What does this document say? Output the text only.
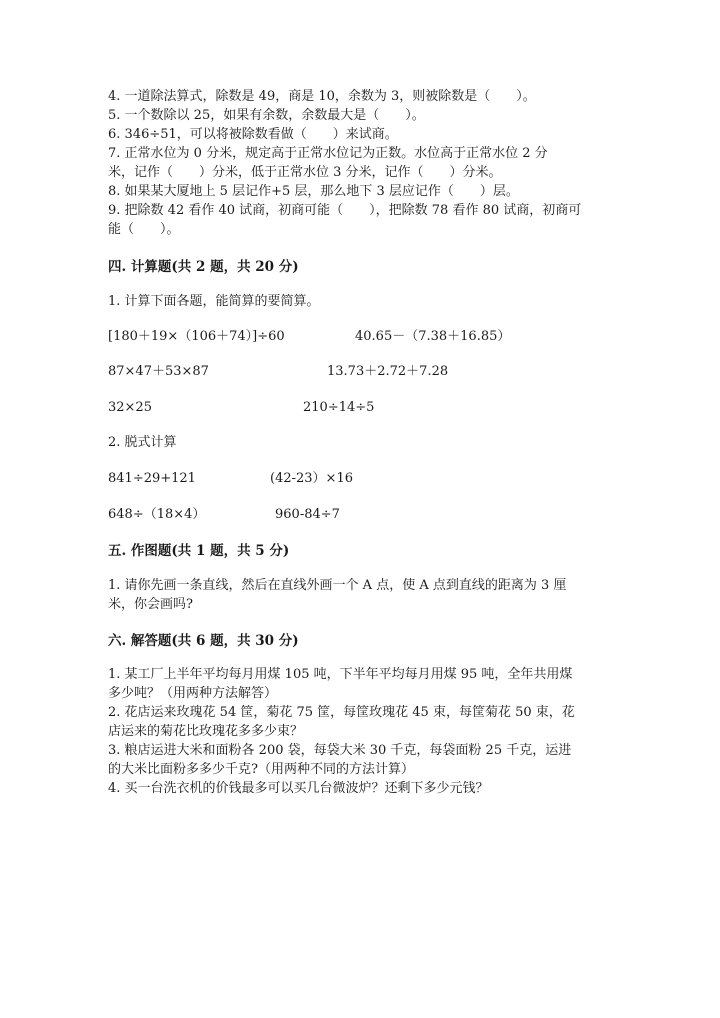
4. 一道除法算式，除数是 49，商是 10，余数为 3，则被除数是（　　）。
5. 一个数除以 25，如果有余数，余数最大是（　　）。
6. 346÷51，可以将被除数看做（　　）来试商。
7. 正常水位为 0 分米，规定高于正常水位记为正数。水位高于正常水位 2 分
米，记作（　　）分米，低于正常水位 3 分米，记作（　　）分米。
8. 如果某大厦地上 5 层记作+5 层，那么地下 3 层应记作（　　）层。
9. 把除数 42 看作 40 试商，初商可能（　　），把除数 78 看作 80 试商，初商可
能（　　）。
四. 计算题(共 2 题，共 20 分)
1. 计算下面各题，能简算的要简算。
[180＋19×（106＋74）]÷60	40.65－（7.38＋16.85）
87×47＋53×87	13.73＋2.72＋7.28
32×25	210÷14÷5
2. 脱式计算
841÷29+121	(42-23）×16
648÷（18×4）	960-84÷7
五. 作图题(共 1 题，共 5 分)
1. 请你先画一条直线，然后在直线外画一个 A 点，使 A 点到直线的距离为 3 厘
米，你会画吗?
六. 解答题(共 6 题，共 30 分)
1. 某工厂上半年平均每月用煤 105 吨，下半年平均每月用煤 95 吨，全年共用煤
多少吨？（用两种方法解答）
2. 花店运来玫瑰花 54 筐，菊花 75 筐，每筐玫瑰花 45 束，每筐菊花 50 束，花
店运来的菊花比玫瑰花多多少束？
3. 粮店运进大米和面粉各 200 袋，每袋大米 30 千克，每袋面粉 25 千克，运进
的大米比面粉多多少千克?（用两种不同的方法计算）
4. 买一台洗衣机的价钱最多可以买几台微波炉？还剩下多少元钱？
